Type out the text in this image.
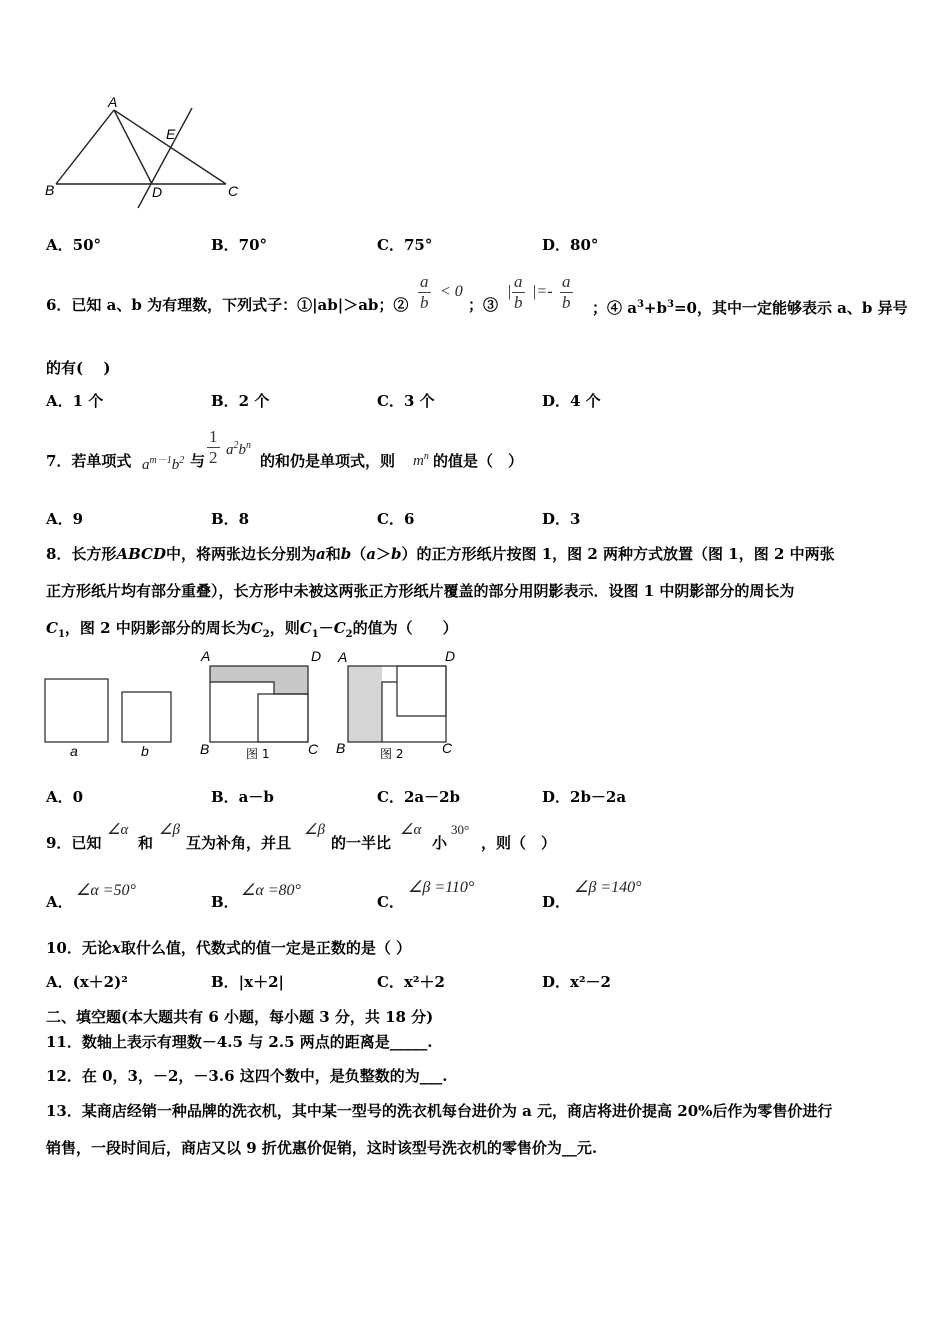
A
B	C
D
E
A．50°	B．70°	C．75°	D．80°
6．已知 a、b 为有理数，下列式子：①|ab|＞ab；② $\frac{a}{b} < 0$
；③
| $\frac{a}{b}$ |=- $\frac{a}{b}$ ；④ $a^3+b^3=0$，其中一定能够表示 a、b 异号
的有(　 )
A．1 个	B．2 个	C．3 个	D．4 个
7．若单项式 $a^{m-1}b^2$ 与 $\frac{1}{2} a^2b^n$
的和仍是单项式，则 $m^n$ 的值是（　）
A．9	B．8	C．6	D．3
8．长方形ABCD中，将两张边长分别为a和b（a＞b）的正方形纸片按图 1，图 2 两种方式放置（图 1，图 2 中两张
正方形纸片均有部分重叠），长方形中未被这两张正方形纸片覆盖的部分用阴影表示．设图 1 中阴影部分的周长为
$C_1$，图 2 中阴影部分的周长为$C_2$，则$C_1-C_2$的值为（　　）
a	b
A	D
B	C
图 1
A	D
B	C
图 2
A．0	B．a－b	C．2a－2b	D．2b－2a
9．已知
∠α
和
∠β
互为补角，并且
∠β
的一半比
∠α
小
30°
，则（　）
A．
∠α =50°
B．
∠α =80°
C．
∠β =110°
D．
∠β =140°
10．无论x取什么值，代数式的值一定是正数的是（ ）
A．(x＋2)²	B．|x＋2|	C．x²＋2	D．x²－2
二、填空题(本大题共有 6 小题，每小题 3 分，共 18 分)
11．数轴上表示有理数－4.5 与 2.5 两点的距离是_____.
12．在 0，3，－2，－3.6 这四个数中，是负整数的为___.
13．某商店经销一种品牌的洗衣机，其中某一型号的洗衣机每台进价为 a 元，商店将进价提高 20%后作为零售价进行
销售，一段时间后，商店又以 9 折优惠价促销，这时该型号洗衣机的零售价为__元.
